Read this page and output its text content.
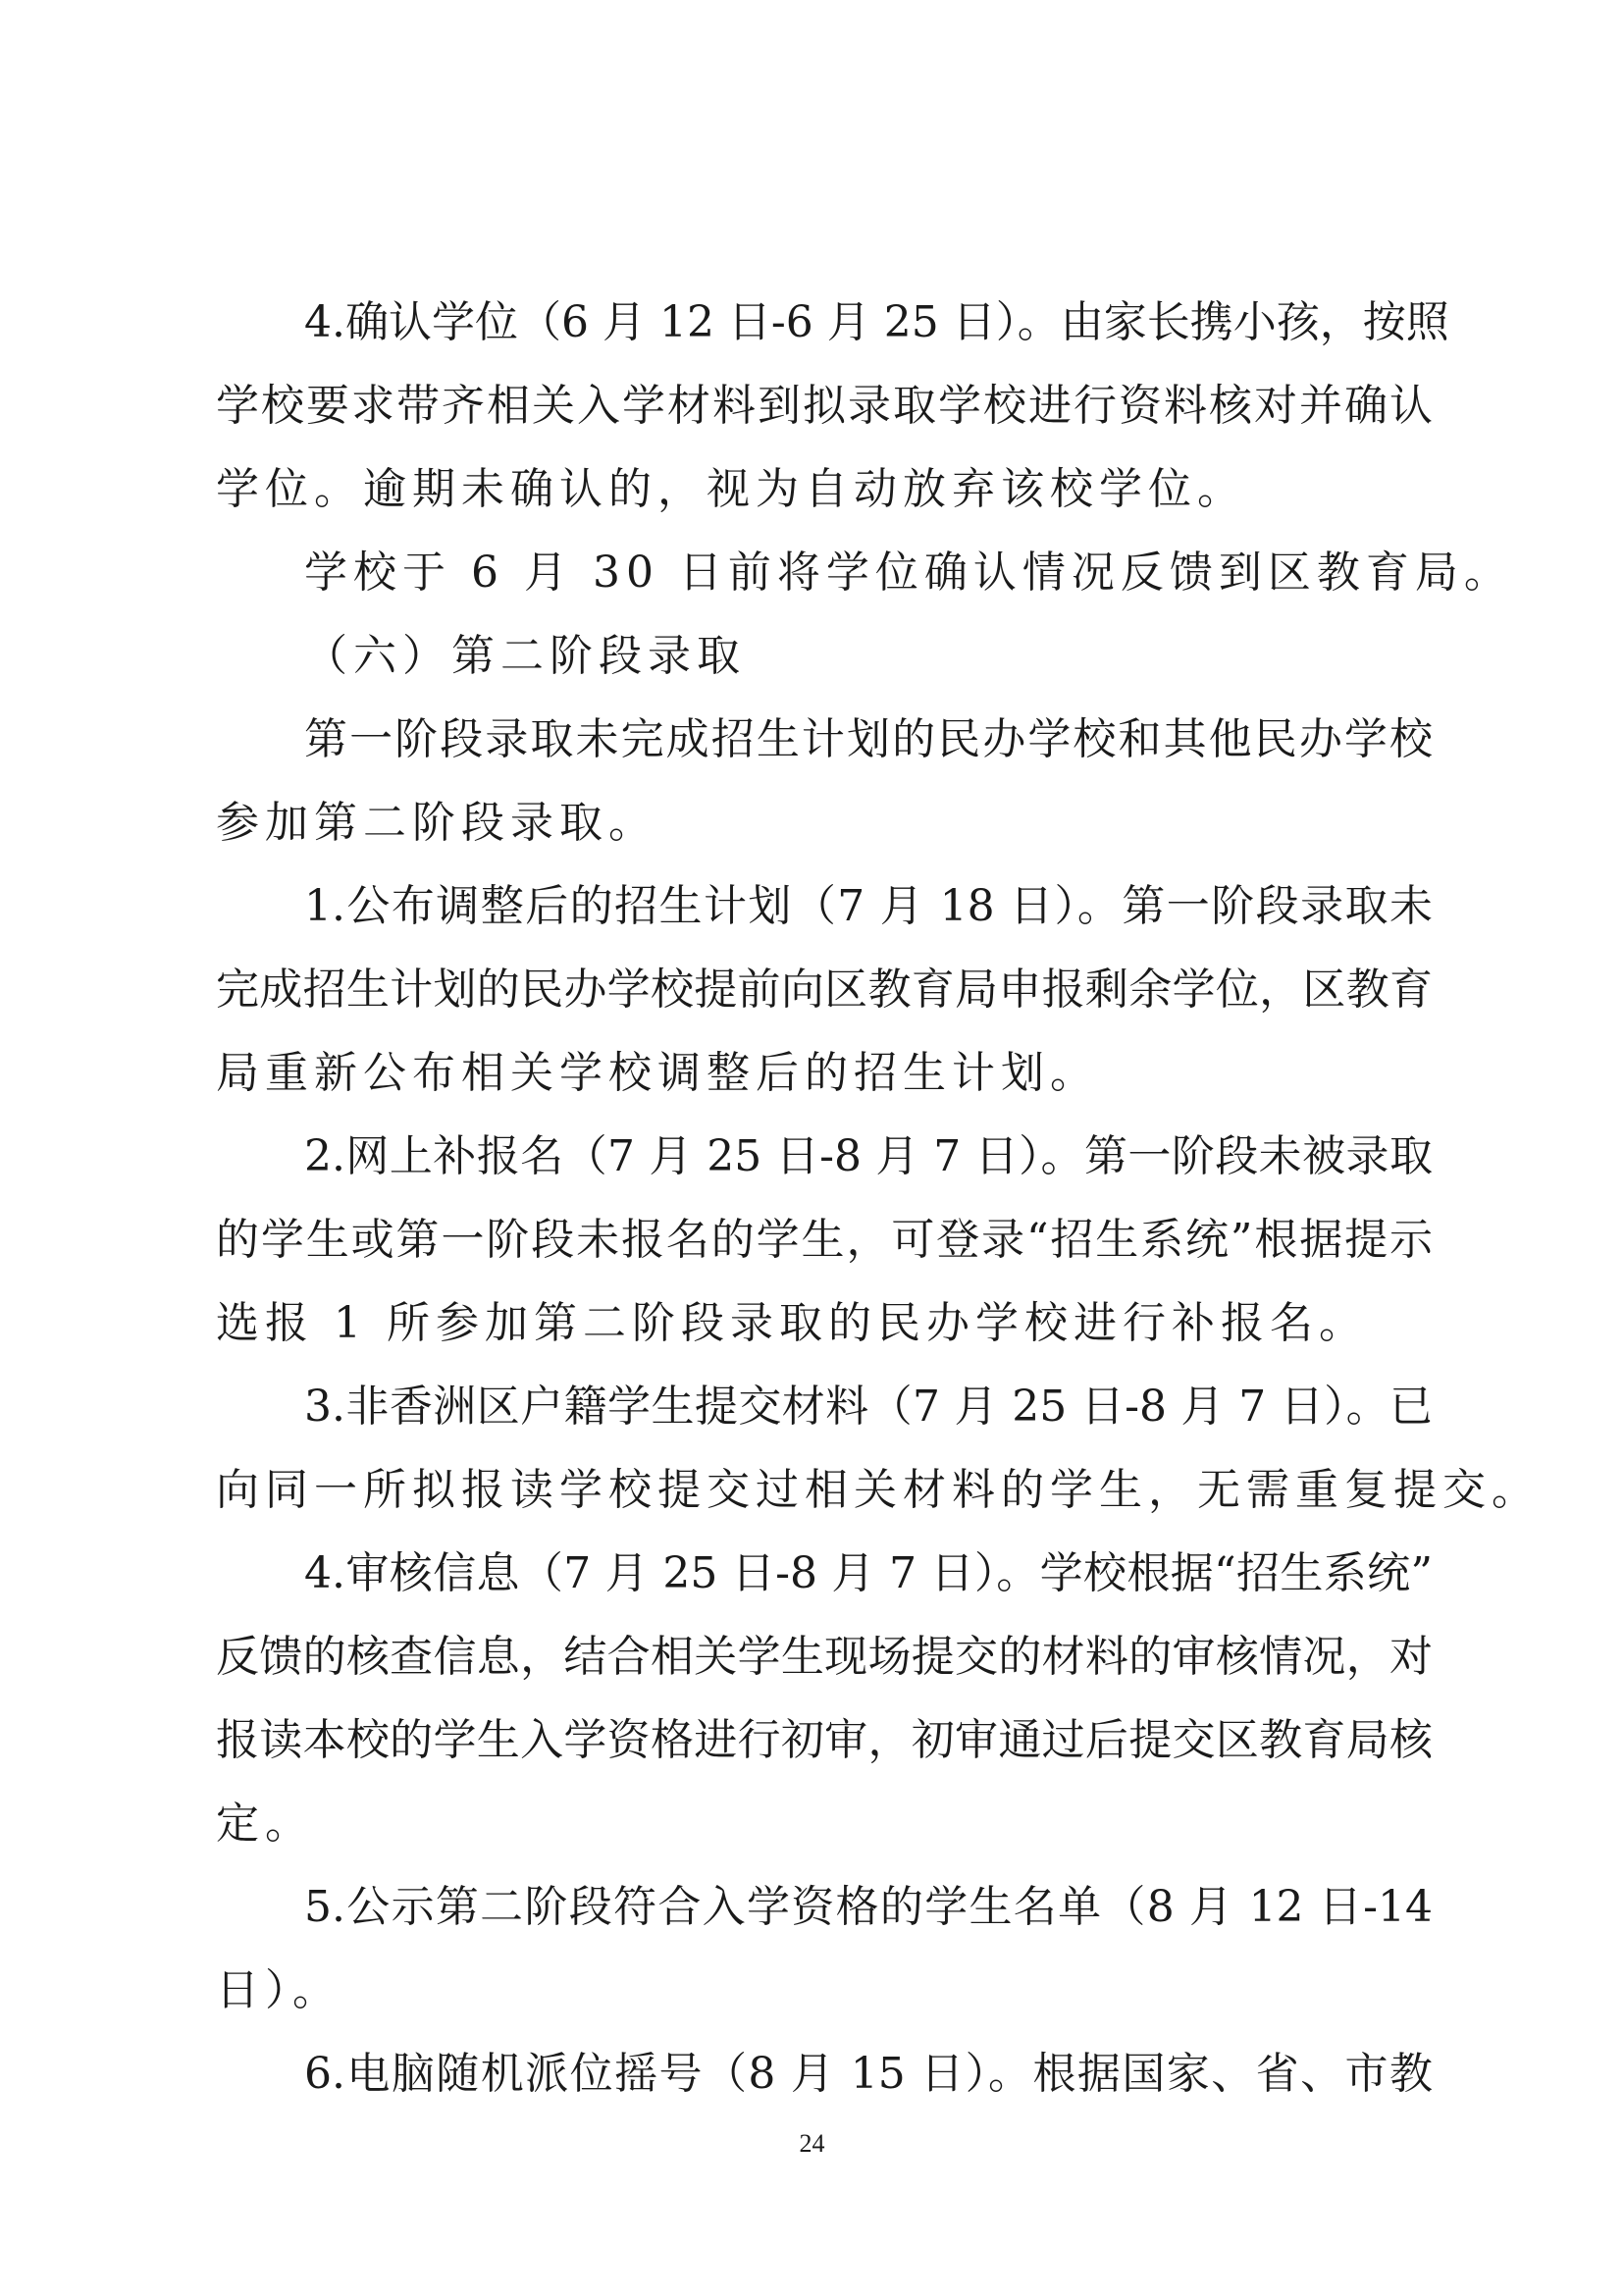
4.确认学位（6 月 12 日-6 月 25 日）。由家长携小孩，按照
学校要求带齐相关入学材料到拟录取学校进行资料核对并确认
学位。逾期未确认的，视为自动放弃该校学位。
学校于 6 月 30 日前将学位确认情况反馈到区教育局。
（六）第二阶段录取
第一阶段录取未完成招生计划的民办学校和其他民办学校
参加第二阶段录取。
1.公布调整后的招生计划（7 月 18 日）。第一阶段录取未
完成招生计划的民办学校提前向区教育局申报剩余学位，区教育
局重新公布相关学校调整后的招生计划。
2.网上补报名（7 月 25 日-8 月 7 日）。第一阶段未被录取
的学生或第一阶段未报名的学生，可登录“招生系统”根据提示
选报 1 所参加第二阶段录取的民办学校进行补报名。
3.非香洲区户籍学生提交材料（7 月 25 日-8 月 7 日）。已
向同一所拟报读学校提交过相关材料的学生，无需重复提交。
4.审核信息（7 月 25 日-8 月 7 日）。学校根据“招生系统”
反馈的核查信息，结合相关学生现场提交的材料的审核情况，对
报读本校的学生入学资格进行初审，初审通过后提交区教育局核
定。
5.公示第二阶段符合入学资格的学生名单（8 月 12 日-14
日）。
6.电脑随机派位摇号（8 月 15 日）。根据国家、省、市教
24
